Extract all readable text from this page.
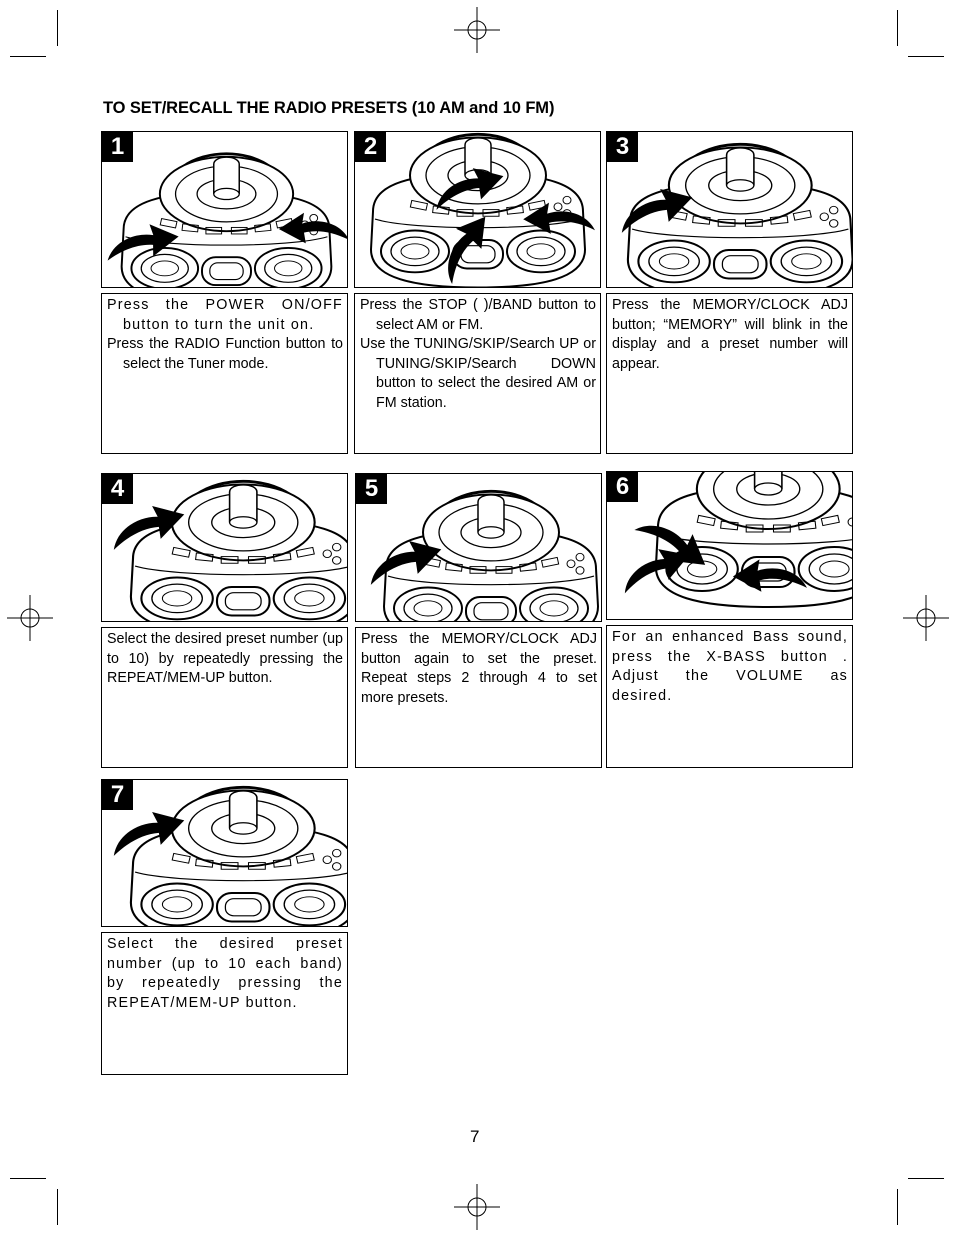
TO SET/RECALL THE RADIO PRESETS (10 AM and 10 FM)
1

Press the POWER ON/OFF button to turn the unit on.

Press the RADIO Function button to select the Tuner mode.

2

Press the STOP ( )/BAND button to select AM or FM.

Use the TUNING/SKIP/Search UP or TUNING/SKIP/Search DOWN button to select the desired AM or FM station.

3

Press the MEMORY/CLOCK ADJ button; “MEMORY” will blink in the display and a preset number will appear.

4

Select the desired preset number (up to 10) by repeatedly pressing the REPEAT/MEM-UP button.

5

Press the MEMORY/CLOCK ADJ button again to set the preset. Repeat steps 2 through 4 to set more presets.

6

For an enhanced Bass sound, press the X-BASS button . Adjust the VOLUME as desired.

7

Select the desired preset number (up to 10 each band) by repeatedly pressing the REPEAT/MEM-UP button.

7
